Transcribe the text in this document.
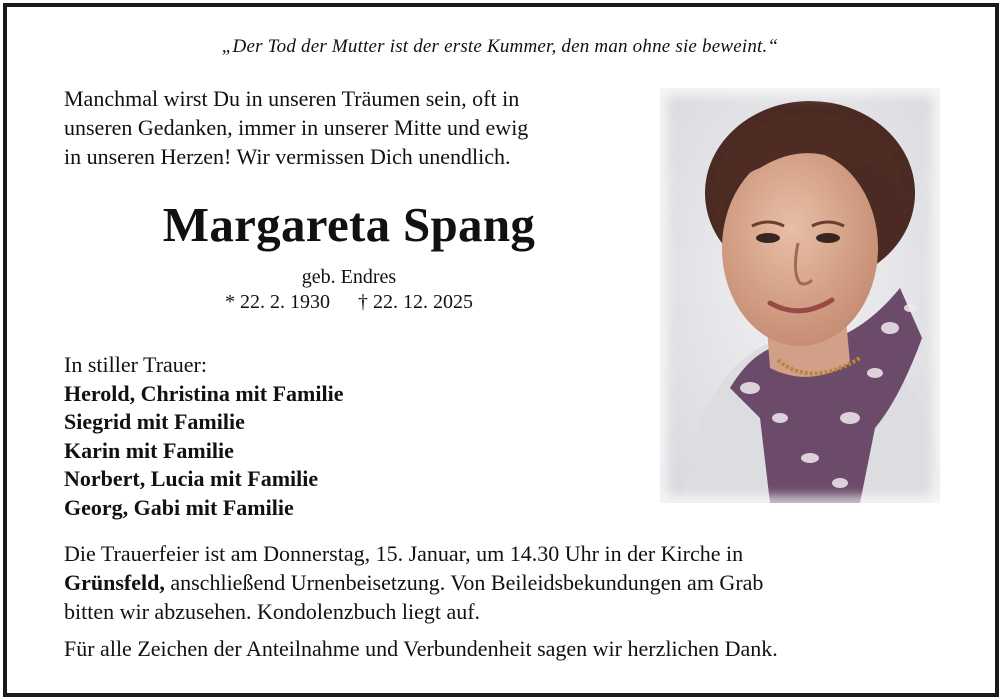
„Der Tod der Mutter ist der erste Kummer, den man ohne sie beweint.“
Manchmal wirst Du in unseren Träumen sein, oft in
unseren Gedanken, immer in unserer Mitte und ewig
in unseren Herzen! Wir vermissen Dich unendlich.
Margareta Spang
geb. Endres
* 22. 2. 1930 † 22. 12. 2025
In stiller Trauer:
Herold, Christina mit Familie
Siegrid mit Familie
Karin mit Familie
Norbert, Lucia mit Familie
Georg, Gabi mit Familie
Die Trauerfeier ist am Donnerstag, 15. Januar, um 14.30 Uhr in der Kirche in
Grünsfeld, anschließend Urnenbeisetzung. Von Beileidsbekundungen am Grab
bitten wir abzusehen. Kondolenzbuch liegt auf.
Für alle Zeichen der Anteilnahme und Verbundenheit sagen wir herzlichen Dank.
